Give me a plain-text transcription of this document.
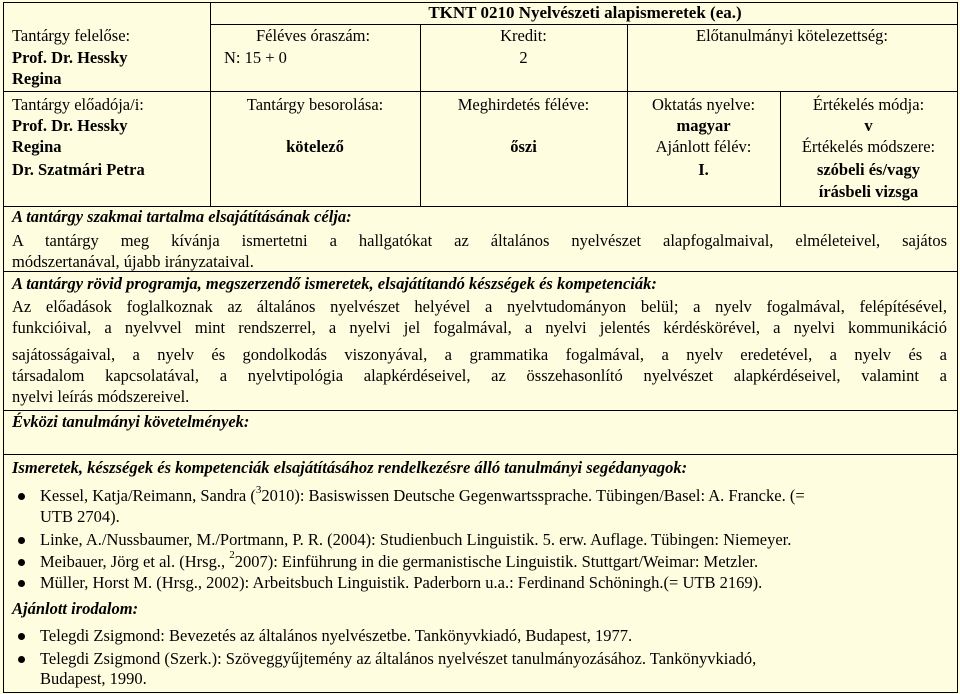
TKNT 0210 Nyelvészeti alapismeretek (ea.)
Tantárgy felelőse:
Prof. Dr. Hessky
Regina
Féléves óraszám:
N: 15 + 0
Kredit:
2
Előtanulmányi kötelezettség:
Tantárgy előadója/i:
Prof. Dr. Hessky
Regina
Dr. Szatmári Petra
Tantárgy besorolása:
kötelező
Meghirdetés féléve:
őszi
Oktatás nyelve:
magyar
Ajánlott félév:
I.
Értékelés módja:
v
Értékelés módszere:
szóbeli és/vagy
írásbeli vizsga
A tantárgy szakmai tartalma elsajátításának célja:
A tantárgy meg kívánja ismertetni a hallgatókat az általános nyelvészet alapfogalmaival, elméleteivel, sajátos
módszertanával, újabb irányzataival.
A tantárgy rövid programja, megszerzendő ismeretek, elsajátítandó készségek és kompetenciák:
Az előadások foglalkoznak az általános nyelvészet helyével a nyelvtudományon belül; a nyelv fogalmával, felépítésével,
funkcióival, a nyelvvel mint rendszerrel, a nyelvi jel fogalmával, a nyelvi jelentés kérdéskörével, a nyelvi kommunikáció
sajátosságaival, a nyelv és gondolkodás viszonyával, a grammatika fogalmával, a nyelv eredetével, a nyelv és a
társadalom kapcsolatával, a nyelvtipológia alapkérdéseivel, az összehasonlító nyelvészet alapkérdéseivel, valamint a
nyelvi leírás módszereivel.
Évközi tanulmányi követelmények:
Ismeretek, készségek és kompetenciák elsajátításához rendelkezésre álló tanulmányi segédanyagok:
Kessel, Katja/Reimann, Sandra ($^3$2010): Basiswissen Deutsche Gegenwartssprache. Tübingen/Basel: A. Francke. (=
UTB 2704).
Linke, A./Nussbaumer, M./Portmann, P. R. (2004): Studienbuch Linguistik. 5. erw. Auflage. Tübingen: Niemeyer.
Meibauer, Jörg et al. (Hrsg., $^2$2007): Einführung in die germanistische Linguistik. Stuttgart/Weimar: Metzler.
Müller, Horst M. (Hrsg., 2002): Arbeitsbuch Linguistik. Paderborn u.a.: Ferdinand Schöningh.(= UTB 2169).
Ajánlott irodalom:
Telegdi Zsigmond: Bevezetés az általános nyelvészetbe. Tankönyvkiadó, Budapest, 1977.
Telegdi Zsigmond (Szerk.): Szöveggyűjtemény az általános nyelvészet tanulmányozásához. Tankönyvkiadó,
Budapest, 1990.
